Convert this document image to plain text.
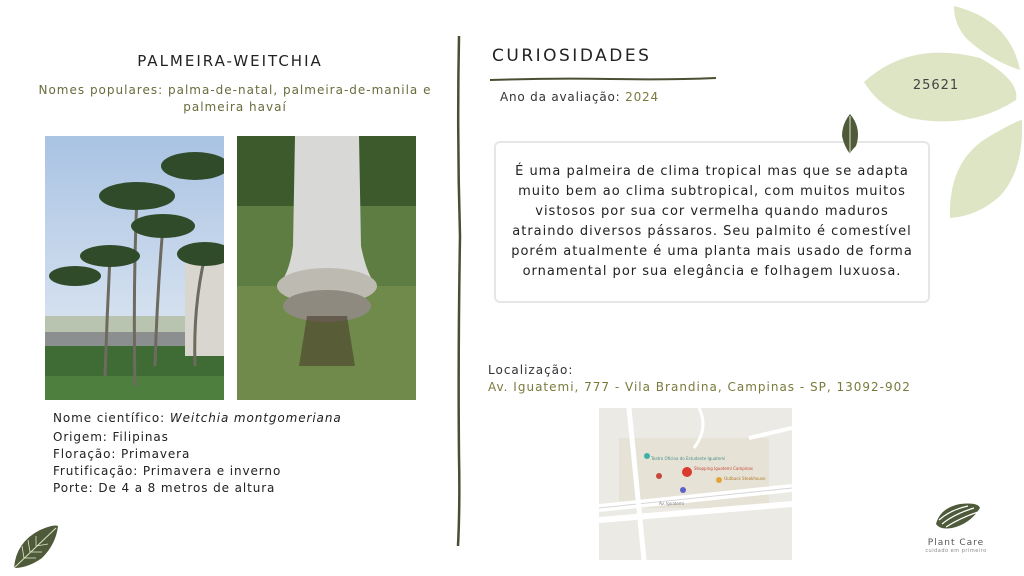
PALMEIRA-WEITCHIA
Nomes populares: palma-de-natal, palmeira-de-manila e palmeira havaí
Nome científico: Weitchia montgomeriana
Origem: Filipinas
Floração: Primavera
Frutificação: Primavera e inverno
Porte: De 4 a 8 metros de altura
CURIOSIDADES
Ano da avaliação: 2024

É uma palmeira de clima tropical mas que se adapta muito bem ao clima subtropical, com muitos muitos vistosos por sua cor vermelha quando maduros atraindo diversos pássaros. Seu palmito é comestível porém atualmente é uma planta mais usado de forma ornamental por sua elegância e folhagem luxuosa.

Localização:
Av. Iguatemi, 777 - Vila Brandina, Campinas - SP, 13092-902
Teatro Oficina do Estudante Iguatemi
Shopping Iguatemi Campinas
Outback Steakhouse
Av. Iguatemi
25621
Plant Care
cuidado em primeiro
